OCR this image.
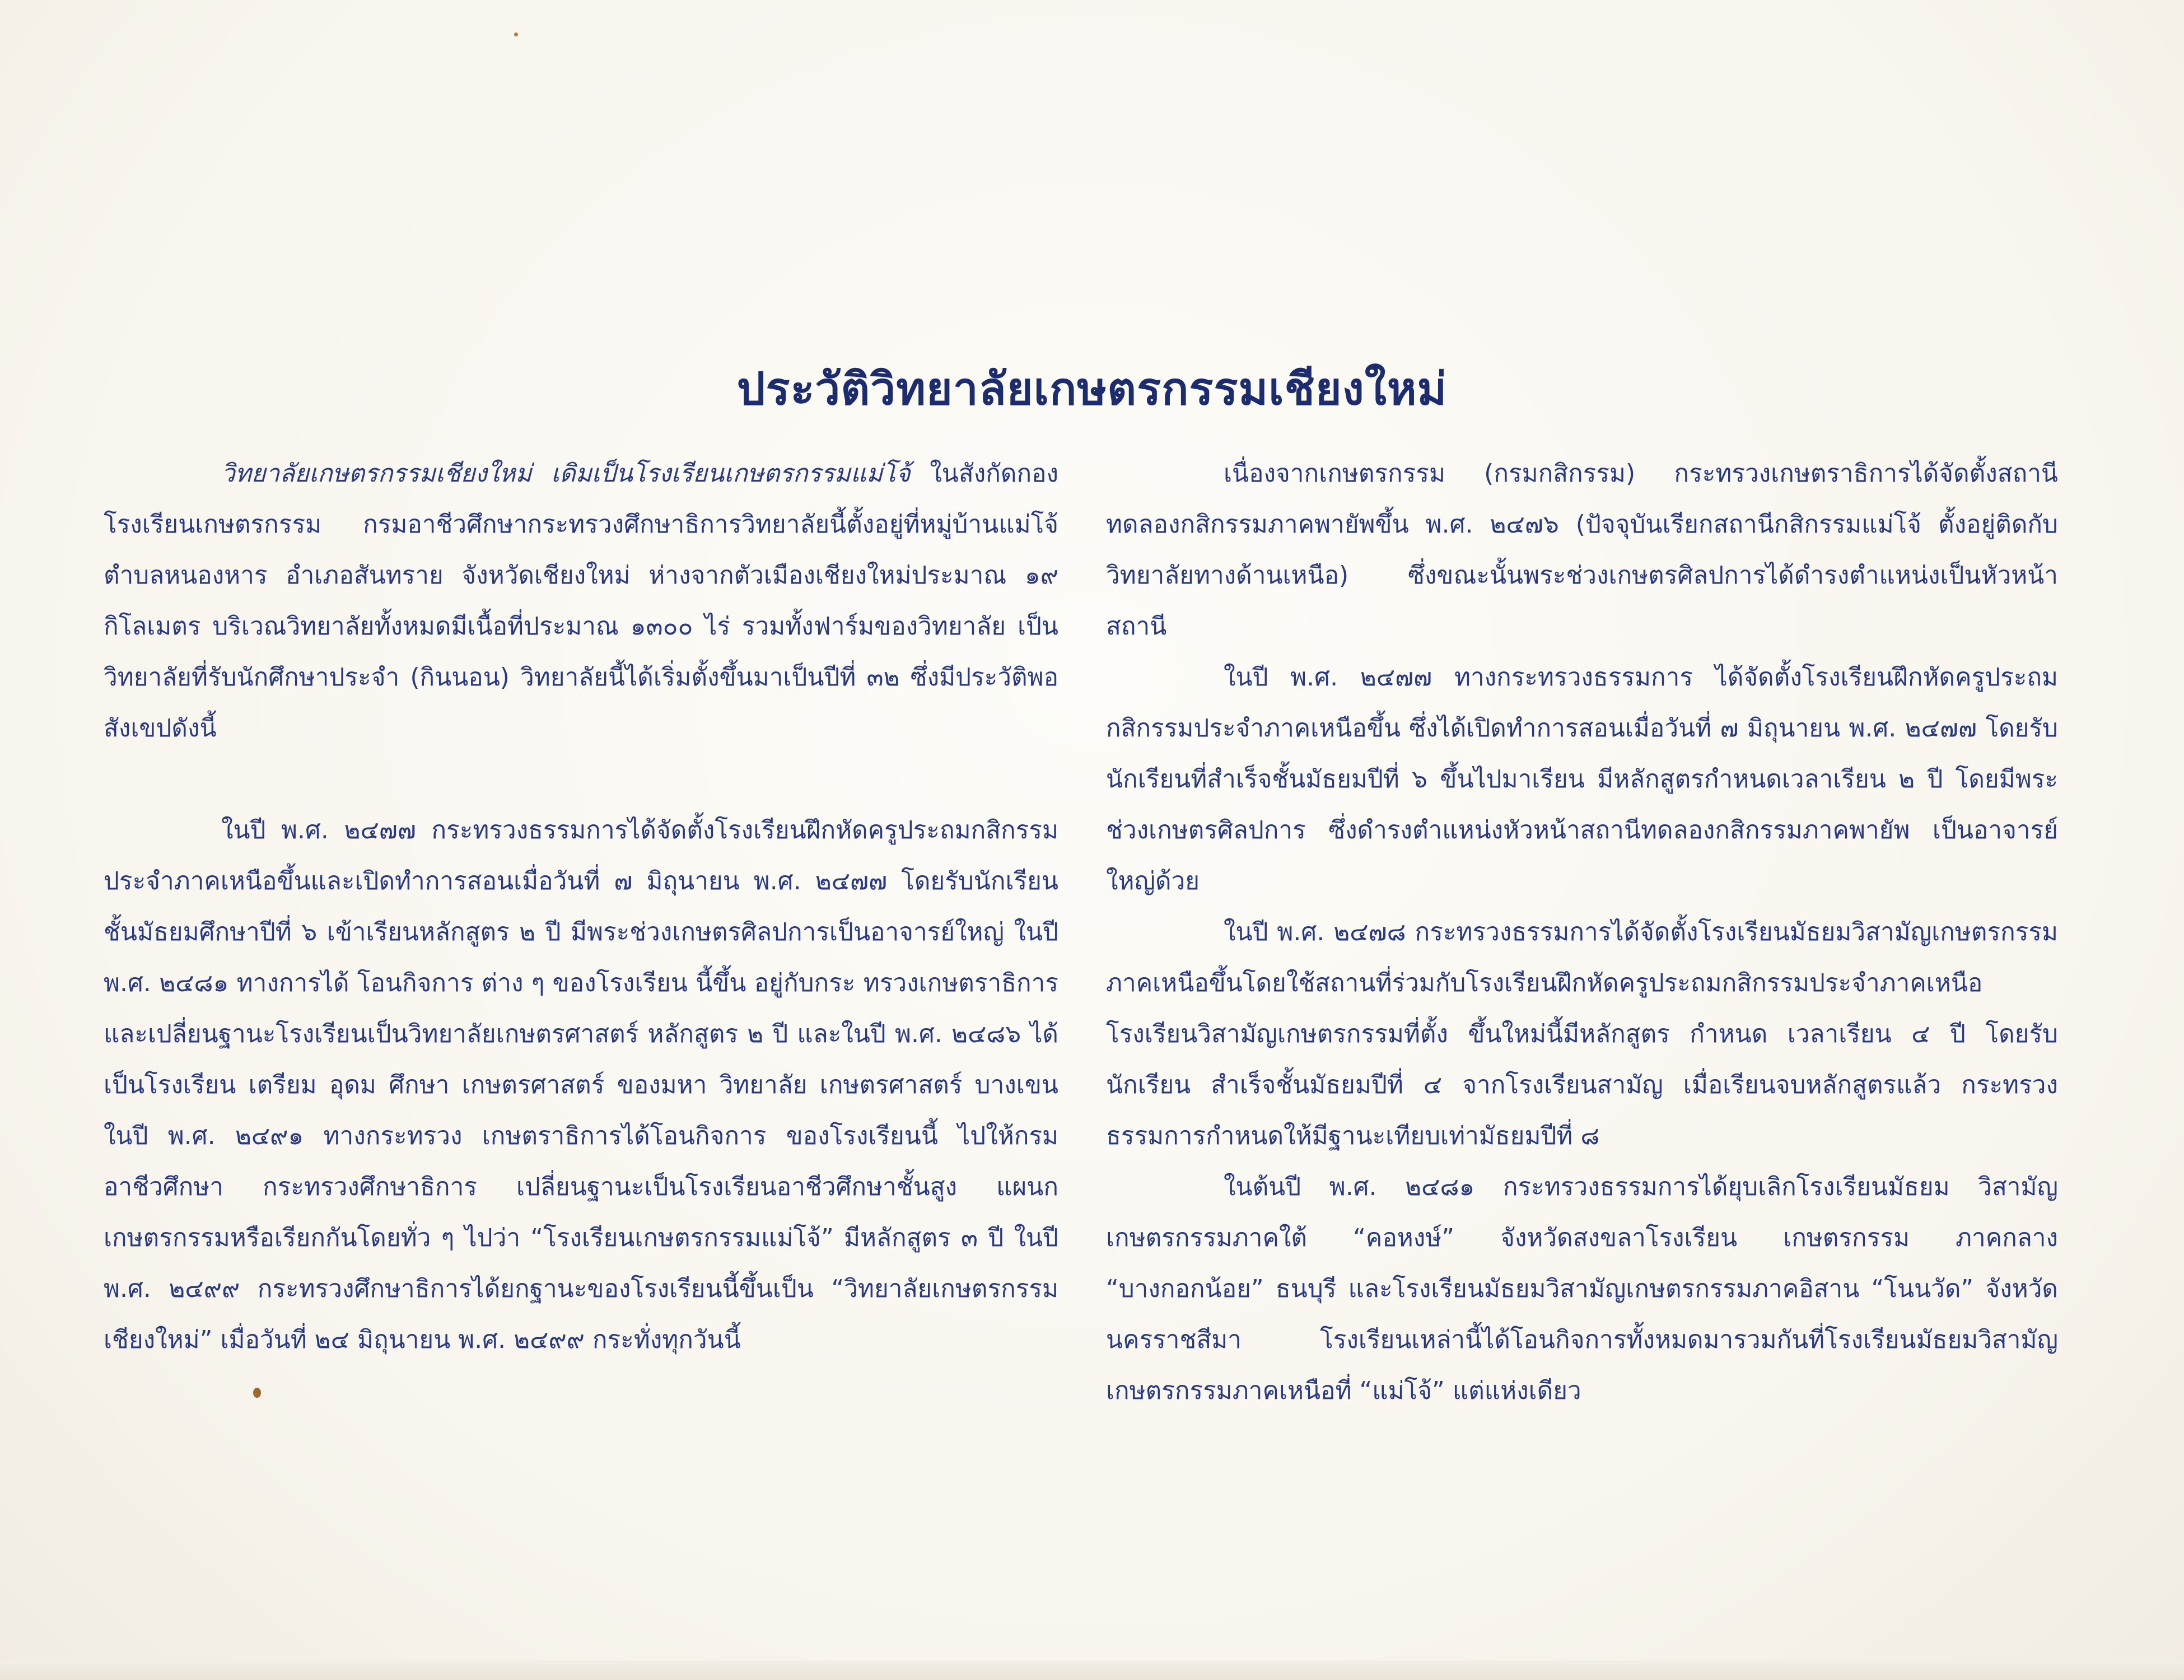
ประวัติวิทยาลัยเกษตรกรรมเชียงใหม่

วิทยาลัยเกษตรกรรมเชียงใหม่ เดิมเป็นโรงเรียนเกษตรกรรมแม่โจ้ ในสังกัดกองโรงเรียนเกษตรกรรม กรมอาชีวศึกษากระทรวงศึกษาธิการวิทยาลัยนี้ตั้งอยู่ที่หมู่บ้านแม่โจ้ ตำบลหนองหาร อำเภอสันทราย จังหวัดเชียงใหม่ ห่างจากตัวเมืองเชียงใหม่ประมาณ ๑๙ กิโลเมตร บริเวณวิทยาลัยทั้งหมดมีเนื้อที่ประมาณ ๑๓๐๐ ไร่ รวมทั้งฟาร์มของวิทยาลัย เป็นวิทยาลัยที่รับนักศึกษาประจำ (กินนอน) วิทยาลัยนี้ได้เริ่มตั้งขึ้นมาเป็นปีที่ ๓๒ ซึ่งมีประวัติพอสังเขปดังนี้

ในปี พ.ศ. ๒๔๗๗ กระทรวงธรรมการได้จัดตั้งโรงเรียนฝึกหัดครูประถมกสิกรรมประจำภาคเหนือขึ้นและเปิดทำการสอนเมื่อวันที่ ๗ มิถุนายน พ.ศ. ๒๔๗๗ โดยรับนักเรียนชั้นมัธยมศึกษาปีที่ ๖ เข้าเรียนหลักสูตร ๒ ปี มีพระช่วงเกษตรศิลปการเป็นอาจารย์ใหญ่ ในปี พ.ศ. ๒๔๘๑ ทางการได้ โอนกิจการ ต่าง ๆ ของโรงเรียน นี้ขึ้น อยู่กับกระ ทรวงเกษตราธิการ และเปลี่ยนฐานะโรงเรียนเป็นวิทยาลัยเกษตรศาสตร์ หลักสูตร ๒ ปี และในปี พ.ศ. ๒๔๘๖ ได้เป็นโรงเรียน เตรียม อุดม ศึกษา เกษตรศาสตร์ ของมหา วิทยาลัย เกษตรศาสตร์ บางเขน ในปี พ.ศ. ๒๔๙๑ ทางกระทรวง เกษตราธิการได้โอนกิจการ ของโรงเรียนนี้ ไปให้กรม อาชีวศึกษา กระทรวงศึกษาธิการ เปลี่ยนฐานะเป็นโรงเรียนอาชีวศึกษาชั้นสูง แผนกเกษตรกรรมหรือเรียกกันโดยทั่ว ๆ ไปว่า “โรงเรียนเกษตรกรรมแม่โจ้” มีหลักสูตร ๓ ปี ในปี พ.ศ. ๒๔๙๙ กระทรวงศึกษาธิการได้ยกฐานะของโรงเรียนนี้ขึ้นเป็น “วิทยาลัยเกษตรกรรมเชียงใหม่” เมื่อวันที่ ๒๔ มิถุนายน พ.ศ. ๒๔๙๙ กระทั่งทุกวันนี้

เนื่องจากเกษตรกรรม (กรมกสิกรรม) กระทรวงเกษตราธิการได้จัดตั้งสถานีทดลองกสิกรรมภาคพายัพขึ้น พ.ศ. ๒๔๗๖ (ปัจจุบันเรียกสถานีกสิกรรมแม่โจ้ ตั้งอยู่ติดกับวิทยาลัยทางด้านเหนือ) ซึ่งขณะนั้นพระช่วงเกษตรศิลปการได้ดำรงตำแหน่งเป็นหัวหน้าสถานี

ในปี พ.ศ. ๒๔๗๗ ทางกระทรวงธรรมการ ได้จัดตั้งโรงเรียนฝึกหัดครูประถมกสิกรรมประจำภาคเหนือขึ้น ซึ่งได้เปิดทำการสอนเมื่อวันที่ ๗ มิถุนายน พ.ศ. ๒๔๗๗ โดยรับนักเรียนที่สำเร็จชั้นมัธยมปีที่ ๖ ขึ้นไปมาเรียน มีหลักสูตรกำหนดเวลาเรียน ๒ ปี โดยมีพระช่วงเกษตรศิลปการ ซึ่งดำรงตำแหน่งหัวหน้าสถานีทดลองกสิกรรมภาคพายัพ เป็นอาจารย์ใหญ่ด้วย

ในปี พ.ศ. ๒๔๗๘ กระทรวงธรรมการได้จัดตั้งโรงเรียนมัธยมวิสามัญเกษตรกรรมภาคเหนือขึ้นโดยใช้สถานที่ร่วมกับโรงเรียนฝึกหัดครูประถมกสิกรรมประจำภาคเหนือ โรงเรียนวิสามัญเกษตรกรรมที่ตั้ง ขึ้นใหม่นี้มีหลักสูตร กำหนด เวลาเรียน ๔ ปี โดยรับนักเรียน สำเร็จชั้นมัธยมปีที่ ๔ จากโรงเรียนสามัญ เมื่อเรียนจบหลักสูตรแล้ว กระทรวงธรรมการกำหนดให้มีฐานะเทียบเท่ามัธยมปีที่ ๘

ในต้นปี พ.ศ. ๒๔๘๑ กระทรวงธรรมการได้ยุบเลิกโรงเรียนมัธยม วิสามัญเกษตรกรรมภาคใต้ “คอหงษ์” จังหวัดสงขลาโรงเรียน เกษตรกรรม ภาคกลาง “บางกอกน้อย” ธนบุรี และโรงเรียนมัธยมวิสามัญเกษตรกรรมภาคอิสาน “โนนวัด” จังหวัดนครราชสีมา โรงเรียนเหล่านี้ได้โอนกิจการทั้งหมดมารวมกันที่โรงเรียนมัธยมวิสามัญเกษตรกรรมภาคเหนือที่ “แม่โจ้” แต่แห่งเดียว
